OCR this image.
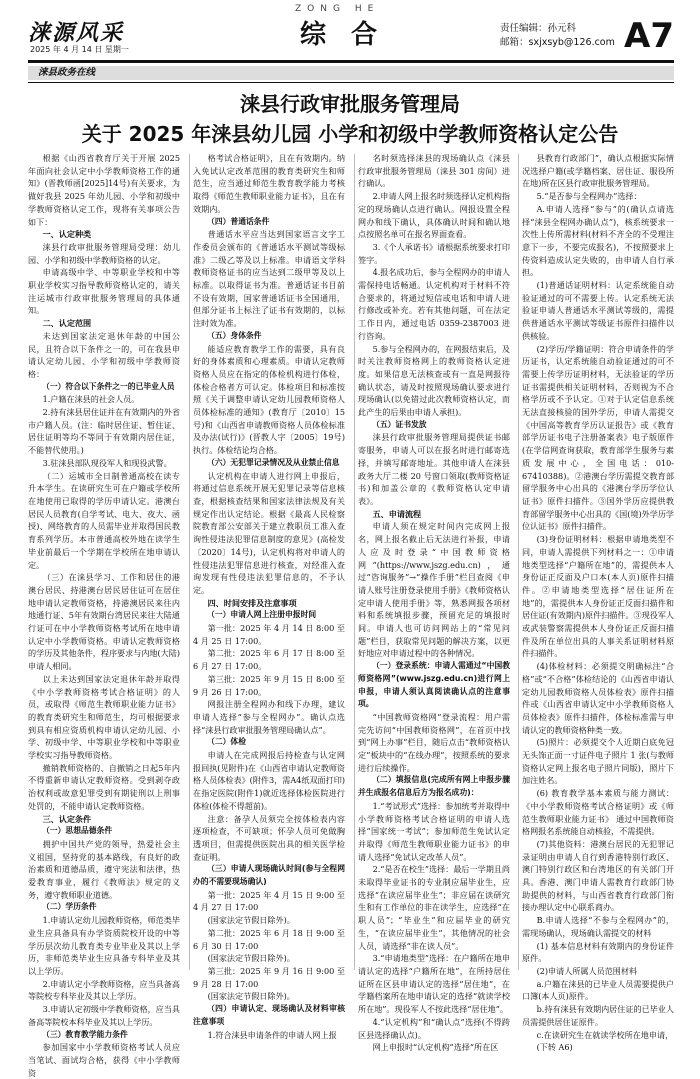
涞源风采
2025 年 4 月 14 日 星期一
ZONG HE
综 合	责任编辑：孙元科
邮箱：sxjxsyb@126.com A7
涞县政务在线
涞县行政审批服务管理局
关于 2025 年涞县幼儿园 小学和初级中学教师资格认定公告

根据《山西省教育厅关于开展 2025 年面向社会认定中小学教师资格工作的通知》(晋教师函[2025]14号)有关要求，为做好我县 2025 年幼儿园、小学和初级中学教师资格认定工作，现将有关事项公告如下：

一、认定种类

涞县行政审批服务管理局受理：幼儿园、小学和初级中学教师资格的认定。

申请高级中学、中等职业学校和中等职业学校实习指导教师资格认定的，请关注运城市行政审批服务管理局的具体通知。

二、认定范围

未达到国家法定退休年龄的中国公民，且符合以下条件之一的，可在我县申请认定幼儿园、小学和初级中学教师资格：

（一）符合以下条件之一的已毕业人员

1.户籍在涞县的社会人员。

2.持有涞县居住证并在有效期内的外省市户籍人员。(注：临时居住证、暂住证、居住证明等均不等同于有效期内居住证，不能替代使用。)

3.驻涞县部队现役军人和现役武警。

（二）运城市全日制普通高校在读专升本学生。在读研究生可在户籍或学校所在地使用已取得的学历申请认定。港澳台居民人员教育(自学考试、电大、夜大、函授)、网络教育的人员需毕业并取得国民教育系列学历。本市普通高校外地在读学生毕业前最后一个学期在学校所在地申请认定。

（三）在涞县学习、工作和居住的港澳台居民、持港澳台居民居住证可在居住地申请认定教师资格，持港澳居民来往内地通行证、5年有效期台湾居民来往大陆通行证可在中小学教师资格考试所在地申请认定中小学教师资格。申请认定教师资格的学历及其他条件，程序要求与内地(大陆)申请人相同。

以上未达到国家法定退休年龄并取得《中小学教师资格考试合格证明》的人员，或取得《师范生教师职业能力证书》的教育类研究生和师范生，均可根据要求到具有相应资质机构申请认定幼儿园、小学、初级中学、中等职业学校和中等职业学校实习指导教师资格。

撤销教师资格的、自撤销之日起5年内不得重新申请认定教师资格。受到剥夺政治权利或故意犯罪受到有期徒刑以上刑事处罚的，不能申请认定教师资格。

三、认定条件

（一）思想品德条件

拥护中国共产党的领导，热爱社会主义祖国，坚持党的基本路线，有良好的政治素质和道德品质，遵守宪法和法律，热爱教育事业，履行《教师法》规定的义务，遵守教师职业道德。

（二）学历条件

1.申请认定幼儿园教师资格，师范类毕业生应具备具有办学资质院校开设的中等学历层次幼儿教育类专业毕业及其以上学历，非师范类毕业生应具备专科毕业及其以上学历。

2.申请认定小学教师资格，应当具备高等院校专科毕业及其以上学历。

3.申请认定初级中学教师资格，应当具备高等院校本科毕业及其以上学历。

（三）教育教学能力条件

参加国家中小学教师资格考试人员应当笔试、面试均合格，获得《中小学教师资

格考试合格证明》，且在有效期内。纳入免试认定改革范围的教育类研究生和师范生，应当通过师范生教育教学能力考核取得《师范生教师职业能力证书》，且在有效期内。

（四）普通话条件

普通话水平应当达到国家语言文字工作委员会颁布的《普通话水平测试等级标准》二级乙等及以上标准。申请语文学科教师资格证书的应当达到二级甲等及以上标准。以取得证书为准。普通话证书目前不设有效期，国家普通话证书全国通用，但部分证书上标注了证书有效期的，以标注时效为准。

（五）身体条件

能适应教育教学工作的需要，具有良好的身体素质和心理素质。申请认定教师资格人员应在指定的体检机构进行体检，体检合格者方可认定。体检项目和标准按照《关于调整申请认定幼儿园教师资格人员体检标准的通知》(教育厅〔2010〕15号)和《山西省申请教师资格人员体检标准及办法(试行)》(晋教人字〔2005〕19号)执行。体检结论均合格。

（六）无犯罪记录情况及从业禁止信息

认定机构在申请人进行网上申报后，将通过信息系统开展无犯罪记录等信息核查，根据核查结果和国家法律法规及有关规定作出认定结论。根据《最高人民检察院教育部公安部关于建立教职员工准入查询性侵违法犯罪信息制度的意见》(高检发〔2020〕14号)，认定机构将对申请人的性侵违法犯罪信息进行核查，对经准入查询发现有性侵违法犯罪信息的，不予认定。

四、时间安排及注意事项

（一）申请人网上注册申报时间

第一批：2025 年 4 月 14 日 8:00 至 4 月 25 日 17:00。

第二批：2025 年 6 月 17 日 8:00 至 6 月 27 日 17:00。

第三批：2025 年 9 月 15 日 8:00 至 9 月 26 日 17:00。

网报注册全程网办和线下办理，建议申请人选择“参与全程网办”。确认点选择“涞县行政审批服务管理局确认点”。

（二）体检

申请人在完成网报后持检查与认定网报回执(见附件)在《山西省申请认定教师资格人员体检表》(附件3，需A4纸双面打印)在指定医院(附件1)就近选择体检医院进行体检(体检不得超前)。

注意：备孕人员须完全按体检表内容逐项检查，不可缺项；怀孕人员可免做胸透项目，但需提供医院出具的相关医学检查证明。

（三）申请人现场确认时间(参与全程网办的不需要现场确认)

第一批：2025 年 4 月 15 日 9:00 至 4 月 27 日 17:00

(国家法定节假日除外)。

第二批：2025 年 6 月 18 日 9:00 至 6 月 30 日 17:00

(国家法定节假日除外)。

第三批：2025 年 9 月 16 日 9:00 至 9 月 28 日 17:00

(国家法定节假日除外)。

（四）申请认定、现场确认及材料审核注意事项

1.符合涞县申请条件的申请人网上报

名时须选择涞县的现场确认点《涞县行政审批服务管理局（涞县 301 房间）进行确认。

2.申请人网上报名时须选择认定机构指定的现场确认点进行确认。网报设置全程网办和线下确认，具体确认时间和确认地点按照名单可在报名界面查看。

3.《个人承诺书》请根据系统要求打印签字。

4.报名成功后，参与全程网办的申请人需保持电话畅通。认定机构对于材料不符合要求的，将通过短信或电话和申请人进行修改或补充。若有其他问题，可在法定工作日内，通过电话 0359-2387003 进行咨询。

5.参与全程网办的，在网报结束后，及时关注教师资格网上的教师资格认定进度。如果信息无法核查或有一直是网报待确认状态，请及时按照现场确认要求进行现场确认(以免错过此次教师资格认定，而此产生的后果由申请人承担)。

（五）证书发放

涞县行政审批服务管理局提供证书邮寄服务，申请人可以在报名时进行邮寄选择，并填写邮寄地址。其他申请人在涞县政务大厅二楼 20 号窗口领取(教师资格证书)和加盖公章的《教师资格认定申请表》。

五、申请流程

申请人须在规定时间内完成网上报名，网上报名截止后无法进行补报，申请人应及时登录“中国教师资格网”(https://www.jszg.edu.cn)，通过“咨询服务”→“操作手册”栏目查阅《申请人账号注册登录使用手册》《教师资格认定申请人使用手册》等，熟悉网报各项材料和系统填报步骤，预留充足的填报时间。申请人也可访问网站上的“常见问题”栏目，获取常见问题的解决方案，以更好地应对申请过程中的各种情况。

（一）登录系统：申请人需通过“中国教师资格网”(www.jszg.edu.cn)进行网上申报，申请人须认真阅读确认点的注意事项。

“中国教师资格网”登录流程：用户需完先访问“中国教师资格网”，在首页中找到“网上办事”栏目，随后点击“教师资格认定”板块中的“在线办理”，按照系统的要求进行后续操作。

（二）填报信息(完成所有网上申报步骤并生成报名信息后方为报名成功)：

1.“考试形式”选择：参加统考并取得中小学教师资格考试合格证明的申请人选择“国家统一考试”；参加师范生免试认定并取得《师范生教师职业能力证书》的申请人选择“免试认定改革人员”。

2.“是否在校生”选择：最后一学期且尚未取得毕业证书的专业制应届毕业生，应选择“在读应届毕业生”；非应届在读研究生和有工作单位的非在读学生，应选择“在职人员”；“毕业生”和应届毕业的研究生，“在读应届毕业生”，其他情况的社会人员，请选择“非在读人员”。

3.“申请地类型”选择：在户籍所在地申请认定的选择“户籍所在地”，在所持居住证所在区县申请认定的选择“居住地”，在学籍档案所在地申请认定的选择“就读学校所在地”。现役军人不按此选择“居住地”。

4.“认定机构”和“确认点”选择(不得跨区县选择确认点)。

网上申报时“认定机构”选择“所在区

县教育行政部门”，确认点根据实际情况选择户籍(或学籍档案、居住证、服役所在地)所在区县行政审批服务管理局。

5.“是否参与全程网办”选择：

A.申请人选择“参与”的(确认点请选择“涞县全程网办确认点”)，核系统要求一次性上传所需材料(材料不齐全的不受理注意下一步，不要完成报名)，不按照要求上传资料造成认定失败的，由申请人自行承担。

(1)普通话证明材料：认定系统能自动验证通过的可不需要上传。认定系统无法验证申请人普通话水平测试等级的，需提供普通话水平测试等级证书原件扫描件以供核验。

(2)学历/学籍证明：符合申请条件的学历证书，认定系统能自动验证通过的可不需要上传学历证明材料，无法验证的学历证书需提供相关证明材料，否则视为不合格学历或不予认定。①对于认定信息系统无法直接核验的国外学历，申请人需提交《中国高等教育学历认证报告》或《教育部学历证书电子注册备案表》电子版原件(在学信网查询获取，教育部学生服务与素质发展中心，全国电话：010-67410388)。②港澳台学历需提交教育部留学服务中心出具的《港澳台学历学位认证书》原件扫描件。③国外学历应提供教育部留学服务中心出具的《国(境)外学历学位认证书》原件扫描件。

(3)身份证明材料：根据申请地类型不同，申请人需提供下列材料之一：①申请地类型选择“户籍所在地”的，需提供本人身份证正反面及户口本(本人页)原件扫描件。②申请地类型选择“居住证所在地”的，需提供本人身份证正反面扫描件和居住证(有效期内)原件扫描件。③现役军人或武装警察需提供本人身份证正反面扫描件及所在单位出具的人事关系证明材料原件扫描件。

(4)体检材料：必须提交明确标注“合格”或“不合格”体检结论的《山西省申请认定幼儿园教师资格人员体检表》原件扫描件或《山西省申请认定中小学教师资格人员体检表》原件扫描件，体检标准需与申请认定的教师资格种类一致。

(5)照片：必须提交个人近期白底免冠无头饰正面一寸证件电子照片 1 张(与教师资格认定网上报名电子照片同版)，照片下加注姓名。

(6) 教育教学基本素质与能力测试：《中小学教师资格考试合格证明》或《师范生教师职业能力证书》 通过中国教师资格网报名系统能自动核验，不需提供。

(7)其他资料：港澳台居民的无犯罪记录证明由申请人自行到香港特别行政区、澳门特别行政区和台湾地区的有关部门开具。香港、澳门申请人需教育行政部门协助提供的材料，与山西省教育行政部门衔接办理认定中心联系商办。

B.申请人选择“不参与全程网办”的，需现场确认，现场确认需提交的材料

(1) 基本信息材料有效期内的身份证件原件。

(2)申请人所属人员范围材料

a.户籍在涞县的已毕业人员需要提供户口簿(本人页)原件。

b.持有涞县有效期内居住证的已毕业人员需提供居住证原件。

c.在读研究生在就读学校所在地申请，

(下转 A6)
